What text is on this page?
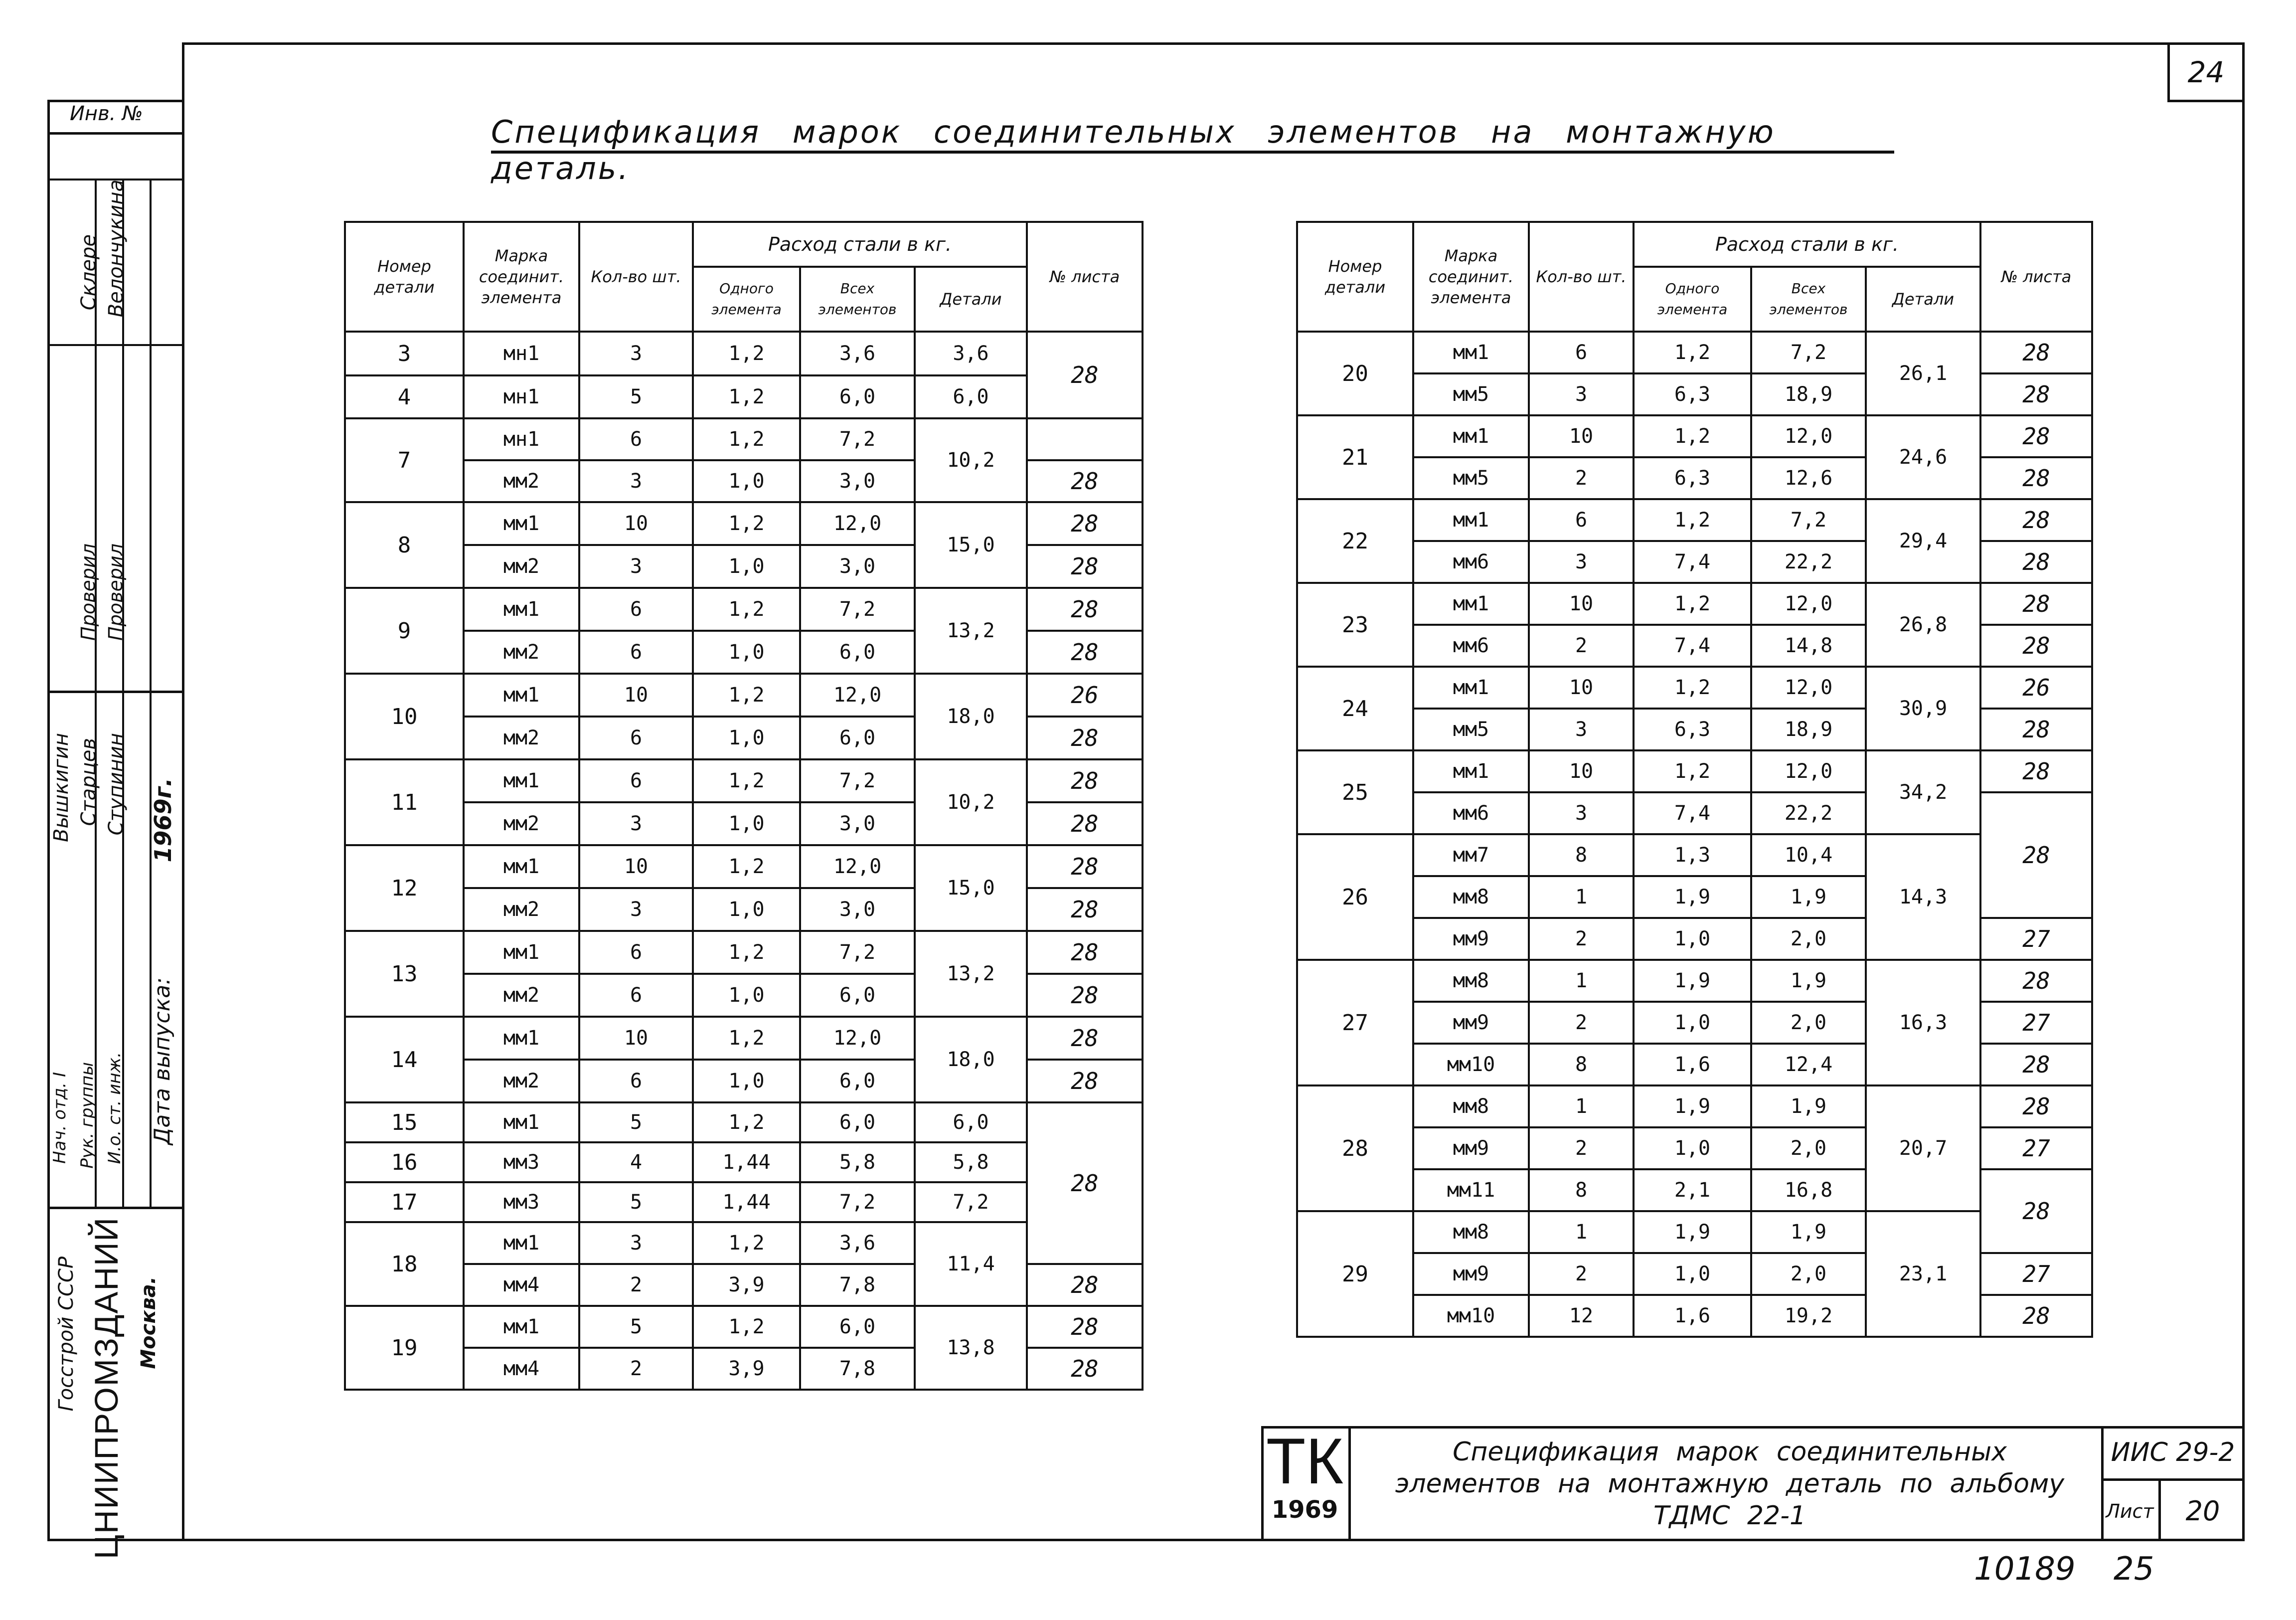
24
Спецификация марок соединительных элементов на монтажную деталь.
Инв. №
Склере Велончукина
Проверил Проверил
Нач. отд. I Рук. группы И.о. ст. инж.
Вышкигин Старцев Ступинин
Дата выпуска:
1969г.
Госстрой СССР ЦНИИПРОМЗДАНИЙ Москва.
Номер детали	Марка соединит. элемента	Кол-во шт.	Расход стали в кг.			№ листа
			Одного элемента	Всех элементов	Детали	
3	мн1	3	1,2	3,6	3,6	28
4	мн1	5	1,2	6,0	6,0	
7	мн1	6	1,2	7,2	10,2	
	мм2	3	1,0	3,0		28
8	мм1	10	1,2	12,0	15,0	28
	мм2	3	1,0	3,0		28
9	мм1	6	1,2	7,2	13,2	28
	мм2	6	1,0	6,0		28
10	мм1	10	1,2	12,0	18,0	26
	мм2	6	1,0	6,0		28
11	мм1	6	1,2	7,2	10,2	28
	мм2	3	1,0	3,0		28
12	мм1	10	1,2	12,0	15,0	28
	мм2	3	1,0	3,0		28
13	мм1	6	1,2	7,2	13,2	28
	мм2	6	1,0	6,0		28
14	мм1	10	1,2	12,0	18,0	28
	мм2	6	1,0	6,0		28
15	мм1	5	1,2	6,0	6,0	28
16	мм3	4	1,44	5,8	5,8	
17	мм3	5	1,44	7,2	7,2	
18	мм1	3	1,2	3,6	11,4	
	мм4	2	3,9	7,8		28
19	мм1	5	1,2	6,0	13,8	28
	мм4	2	3,9	7,8		28
Номер детали	Марка соединит. элемента	Кол-во шт.	Расход стали в кг.			№ листа
			Одного элемента	Всех элементов	Детали	
20	мм1	6	1,2	7,2	26,1	28
	мм5	3	6,3	18,9		28
21	мм1	10	1,2	12,0	24,6	28
	мм5	2	6,3	12,6		28
22	мм1	6	1,2	7,2	29,4	28
	мм6	3	7,4	22,2		28
23	мм1	10	1,2	12,0	26,8	28
	мм6	2	7,4	14,8		28
24	мм1	10	1,2	12,0	30,9	26
	мм5	3	6,3	18,9		28
25	мм1	10	1,2	12,0	34,2	28
	мм6	3	7,4	22,2		28
26	мм7	8	1,3	10,4	14,3	
	мм8	1	1,9	1,9		
	мм9	2	1,0	2,0		27
27	мм8	1	1,9	1,9	16,3	28
	мм9	2	1,0	2,0		27
	мм10	8	1,6	12,4		28
28	мм8	1	1,9	1,9	20,7	28
	мм9	2	1,0	2,0		27
	мм11	8	2,1	16,8		28
29	мм8	1	1,9	1,9	23,1	
	мм9	2	1,0	2,0		27
	мм10	12	1,6	19,2		28
ТК
1969
Спецификация марок соединительных элементов на монтажную деталь по альбому ТДМС 22-1
ИИС 29-2
Лист	20
10189 25
